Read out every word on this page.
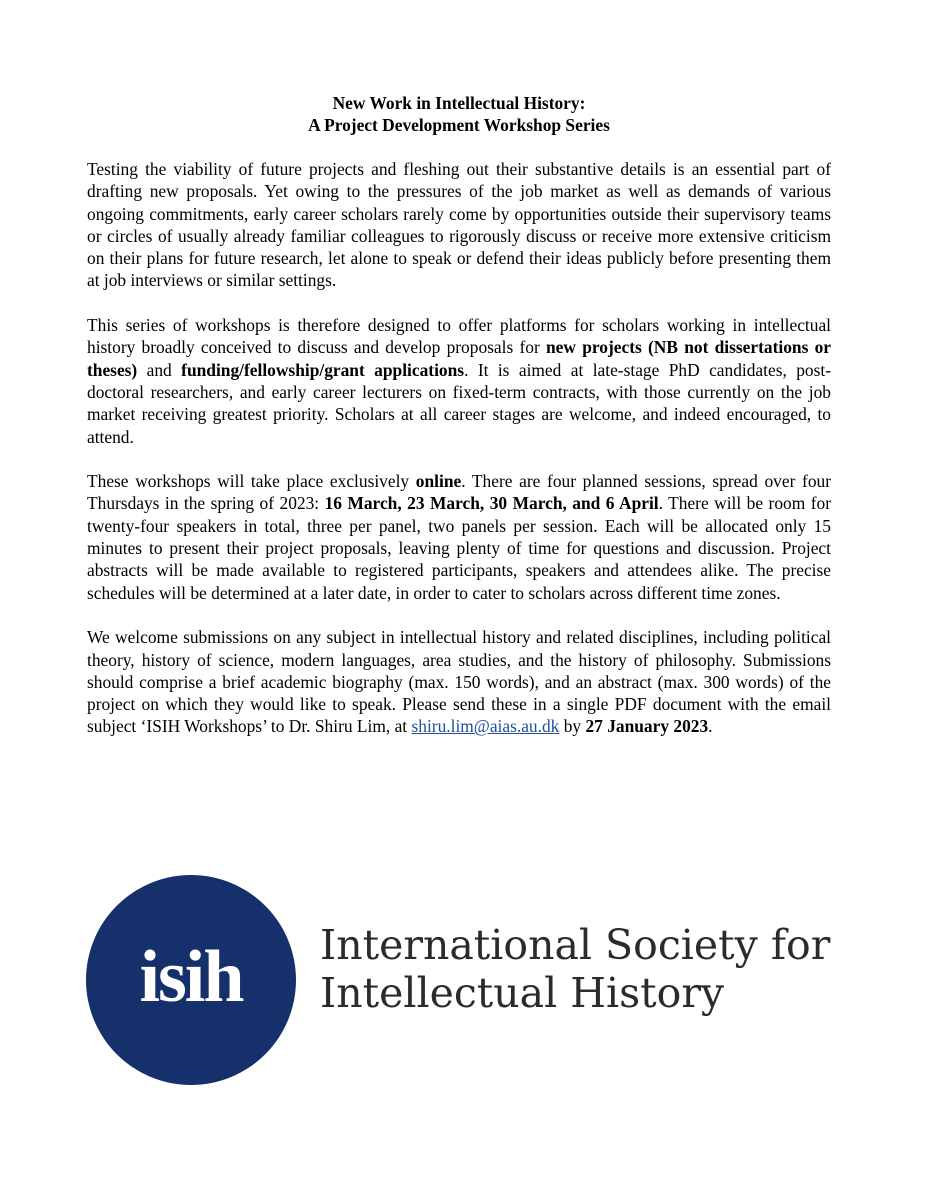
New Work in Intellectual History:
A Project Development Workshop Series

Testing the viability of future projects and fleshing out their substantive details is an essential part of drafting new proposals. Yet owing to the pressures of the job market as well as demands of various ongoing commitments, early career scholars rarely come by opportunities outside their supervisory teams or circles of usually already familiar colleagues to rigorously discuss or receive more extensive criticism on their plans for future research, let alone to speak or defend their ideas publicly before presenting them at job interviews or similar settings.

This series of workshops is therefore designed to offer platforms for scholars working in intellectual history broadly conceived to discuss and develop proposals for new projects (NB not dissertations or theses) and funding/fellowship/grant applications. It is aimed at late-stage PhD candidates, post-doctoral researchers, and early career lecturers on fixed-term contracts, with those currently on the job market receiving greatest priority. Scholars at all career stages are welcome, and indeed encouraged, to attend.

These workshops will take place exclusively online. There are four planned sessions, spread over four Thursdays in the spring of 2023: 16 March, 23 March, 30 March, and 6 April. There will be room for twenty-four speakers in total, three per panel, two panels per session. Each will be allocated only 15 minutes to present their project proposals, leaving plenty of time for questions and discussion. Project abstracts will be made available to registered participants, speakers and attendees alike. The precise schedules will be determined at a later date, in order to cater to scholars across different time zones.

We welcome submissions on any subject in intellectual history and related disciplines, including political theory, history of science, modern languages, area studies, and the history of philosophy. Submissions should comprise a brief academic biography (max. 150 words), and an abstract (max. 300 words) of the project on which they would like to speak. Please send these in a single PDF document with the email subject ‘ISIH Workshops’ to Dr. Shiru Lim, at shiru.lim@aias.au.dk by 27 January 2023.

isih	International Society for
Intellectual History
